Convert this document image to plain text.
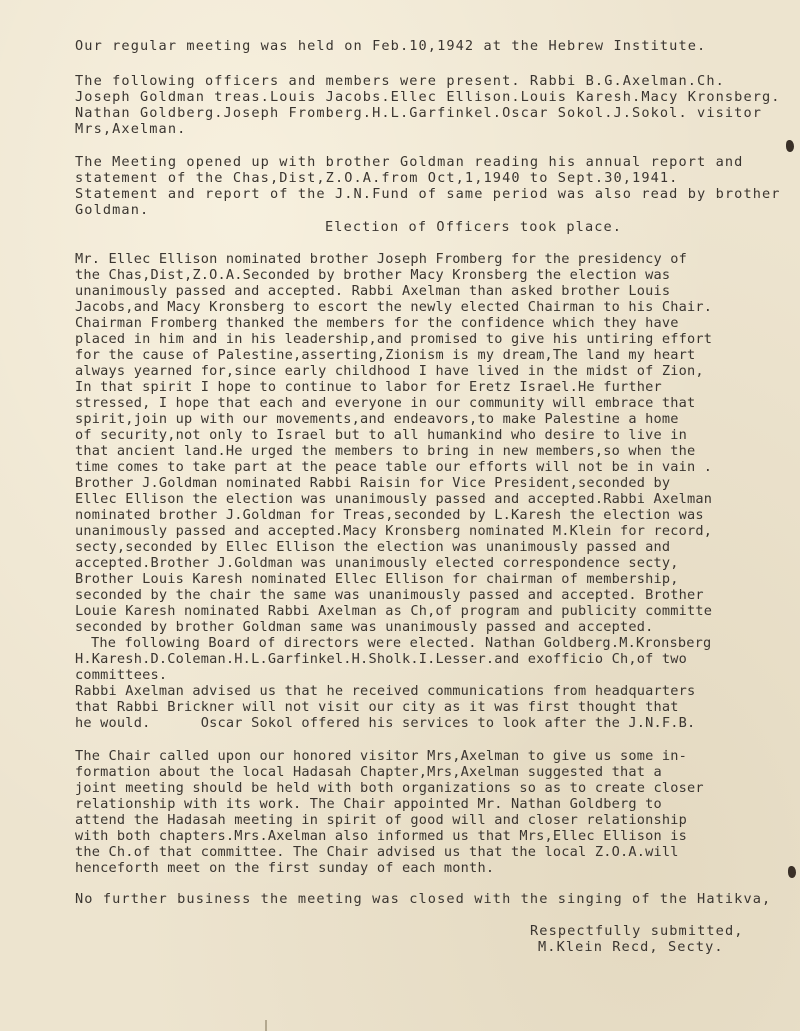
Our regular meeting was held on Feb.10,1942 at the Hebrew Institute.
The following officers and members were present. Rabbi B.G.Axelman.Ch.
Joseph Goldman treas.Louis Jacobs.Ellec Ellison.Louis Karesh.Macy Kronsberg.
Nathan Goldberg.Joseph Fromberg.H.L.Garfinkel.Oscar Sokol.J.Sokol. visitor
Mrs,Axelman.
The Meeting opened up with brother Goldman reading his annual report and
statement of the Chas,Dist,Z.O.A.from Oct,1,1940 to Sept.30,1941.
Statement and report of the J.N.Fund of same period was also read by brother
Goldman.
Election of Officers took place.
Mr. Ellec Ellison nominated brother Joseph Fromberg for the presidency of
the Chas,Dist,Z.O.A.Seconded by brother Macy Kronsberg the election was
unanimously passed and accepted. Rabbi Axelman than asked brother Louis
Jacobs,and Macy Kronsberg to escort the newly elected Chairman to his Chair.
Chairman Fromberg thanked the members for the confidence which they have
placed in him and in his leadership,and promised to give his untiring effort
for the cause of Palestine,asserting,Zionism is my dream,The land my heart
always yearned for,since early childhood I have lived in the midst of Zion,
In that spirit I hope to continue to labor for Eretz Israel.He further
stressed, I hope that each and everyone in our community will embrace that
spirit,join up with our movements,and endeavors,to make Palestine a home
of security,not only to Israel but to all humankind who desire to live in
that ancient land.He urged the members to bring in new members,so when the
time comes to take part at the peace table our efforts will not be in vain .
Brother J.Goldman nominated Rabbi Raisin for Vice President,seconded by
Ellec Ellison the election was unanimously passed and accepted.Rabbi Axelman
nominated brother J.Goldman for Treas,seconded by L.Karesh the election was
unanimously passed and accepted.Macy Kronsberg nominated M.Klein for record,
secty,seconded by Ellec Ellison the election was unanimously passed and
accepted.Brother J.Goldman was unanimously elected correspondence secty,
Brother Louis Karesh nominated Ellec Ellison for chairman of membership,
seconded by the chair the same was unanimously passed and accepted. Brother
Louie Karesh nominated Rabbi Axelman as Ch,of program and publicity committe
seconded by brother Goldman same was unanimously passed and accepted.
The following Board of directors were elected. Nathan Goldberg.M.Kronsberg
H.Karesh.D.Coleman.H.L.Garfinkel.H.Sholk.I.Lesser.and exofficio Ch,of two
committees.
Rabbi Axelman advised us that he received communications from headquarters
that Rabbi Brickner will not visit our city as it was first thought that
he would.      Oscar Sokol offered his services to look after the J.N.F.B.
The Chair called upon our honored visitor Mrs,Axelman to give us some in-
formation about the local Hadasah Chapter,Mrs,Axelman suggested that a
joint meeting should be held with both organizations so as to create closer
relationship with its work. The Chair appointed Mr. Nathan Goldberg to
attend the Hadasah meeting in spirit of good will and closer relationship
with both chapters.Mrs.Axelman also informed us that Mrs,Ellec Ellison is
the Ch.of that committee. The Chair advised us that the local Z.O.A.will
henceforth meet on the first sunday of each month.
No further business the meeting was closed with the singing of the Hatikva,
Respectfully submitted,
M.Klein Recd, Secty.
